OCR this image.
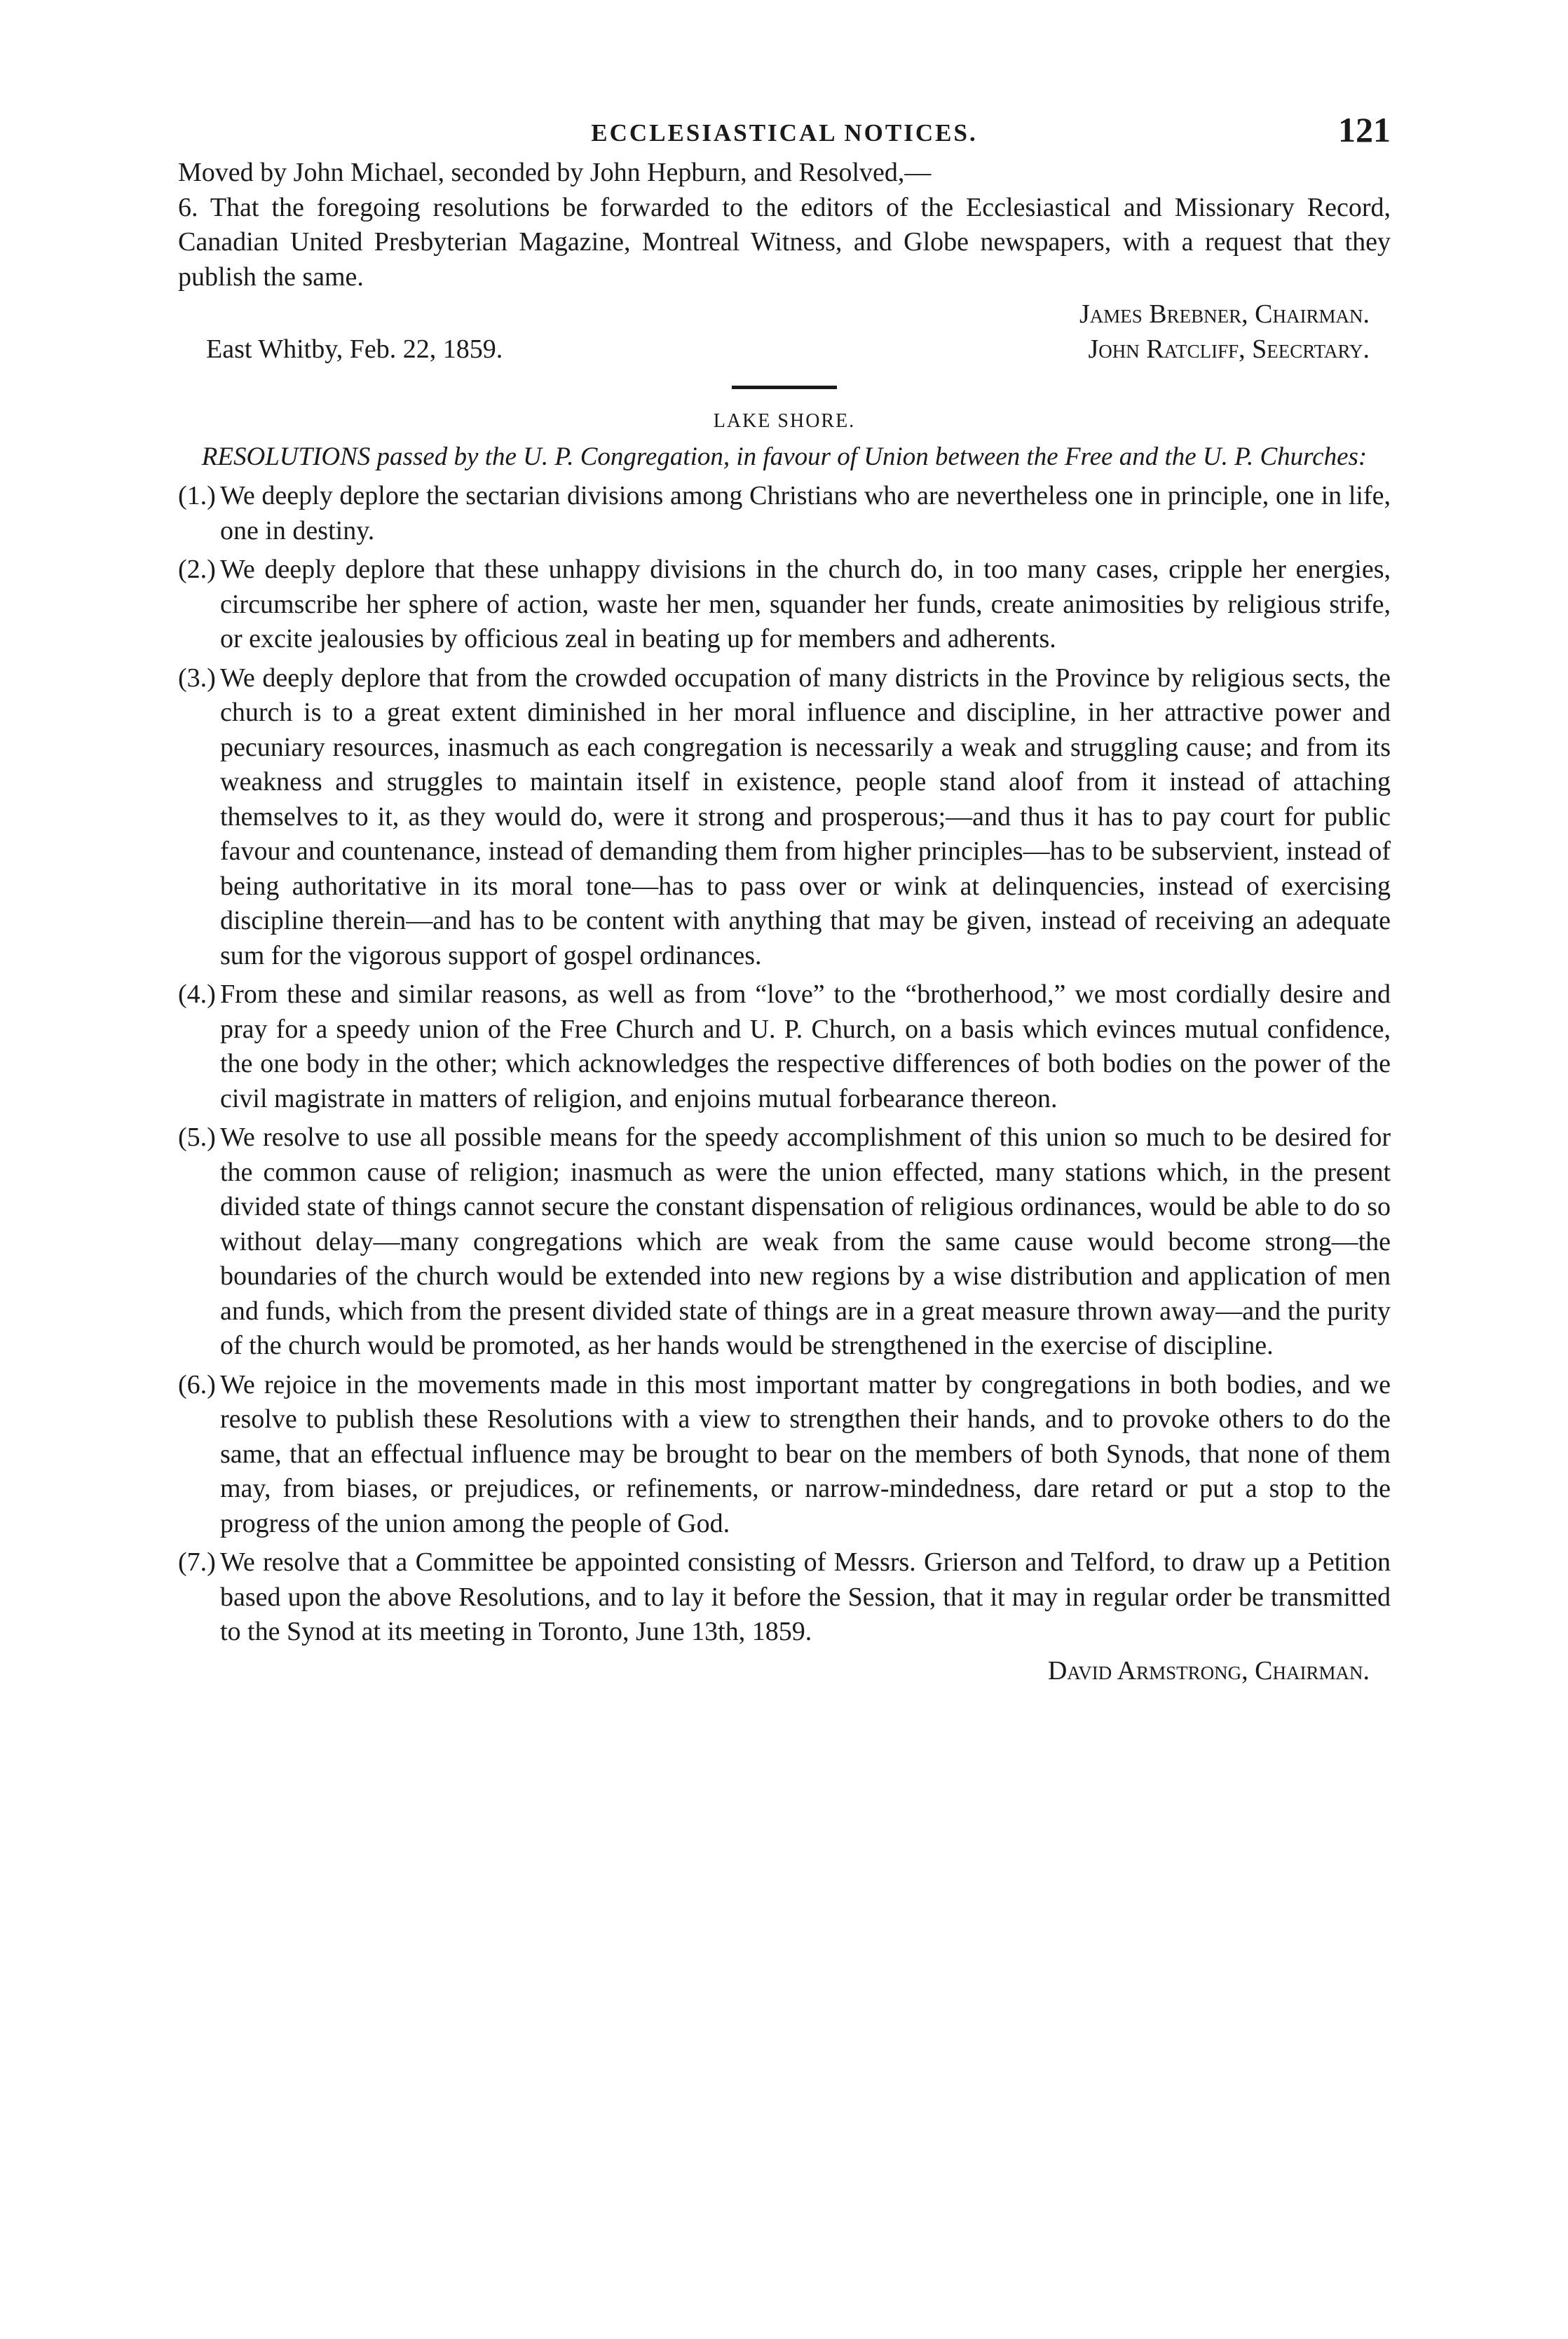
ECCLESIASTICAL NOTICES.	121

Moved by John Michael, seconded by John Hepburn, and Resolved,—

6. That the foregoing resolutions be forwarded to the editors of the Ecclesiastical and Missionary Record, Canadian United Presbyterian Magazine, Montreal Witness, and Globe newspapers, with a request that they publish the same.

James Brebner, Chairman.
East Whitby, Feb. 22, 1859.	John Ratcliff, Seecrtary.
LAKE SHORE.
RESOLUTIONS passed by the U. P. Congregation, in favour of Union between the Free and the U. P. Churches:
(1.) We deeply deplore the sectarian divisions among Christians who are nevertheless one in principle, one in life, one in destiny.
(2.) We deeply deplore that these unhappy divisions in the church do, in too many cases, cripple her energies, circumscribe her sphere of action, waste her men, squander her funds, create animosities by religious strife, or excite jealousies by officious zeal in beating up for members and adherents.
(3.) We deeply deplore that from the crowded occupation of many districts in the Province by religious sects, the church is to a great extent diminished in her moral influence and discipline, in her attractive power and pecuniary resources, inasmuch as each congregation is necessarily a weak and struggling cause; and from its weakness and struggles to maintain itself in existence, people stand aloof from it instead of attaching themselves to it, as they would do, were it strong and prosperous;—and thus it has to pay court for public favour and countenance, instead of demanding them from higher principles—has to be subservient, instead of being authoritative in its moral tone—has to pass over or wink at delinquencies, instead of exercising discipline therein—and has to be content with anything that may be given, instead of receiving an adequate sum for the vigorous support of gospel ordinances.
(4.) From these and similar reasons, as well as from “love” to the “brotherhood,” we most cordially desire and pray for a speedy union of the Free Church and U. P. Church, on a basis which evinces mutual confidence, the one body in the other; which acknowledges the respective differences of both bodies on the power of the civil magistrate in matters of religion, and enjoins mutual forbearance thereon.
(5.) We resolve to use all possible means for the speedy accomplishment of this union so much to be desired for the common cause of religion; inasmuch as were the union effected, many stations which, in the present divided state of things cannot secure the constant dispensation of religious ordinances, would be able to do so without delay—many congregations which are weak from the same cause would become strong—the boundaries of the church would be extended into new regions by a wise distribution and application of men and funds, which from the present divided state of things are in a great measure thrown away—and the purity of the church would be promoted, as her hands would be strengthened in the exercise of discipline.
(6.) We rejoice in the movements made in this most important matter by congregations in both bodies, and we resolve to publish these Resolutions with a view to strengthen their hands, and to provoke others to do the same, that an effectual influence may be brought to bear on the members of both Synods, that none of them may, from biases, or prejudices, or refinements, or narrow-mindedness, dare retard or put a stop to the progress of the union among the people of God.
(7.) We resolve that a Committee be appointed consisting of Messrs. Grierson and Telford, to draw up a Petition based upon the above Resolutions, and to lay it before the Session, that it may in regular order be transmitted to the Synod at its meeting in Toronto, June 13th, 1859.
David Armstrong, Chairman.
